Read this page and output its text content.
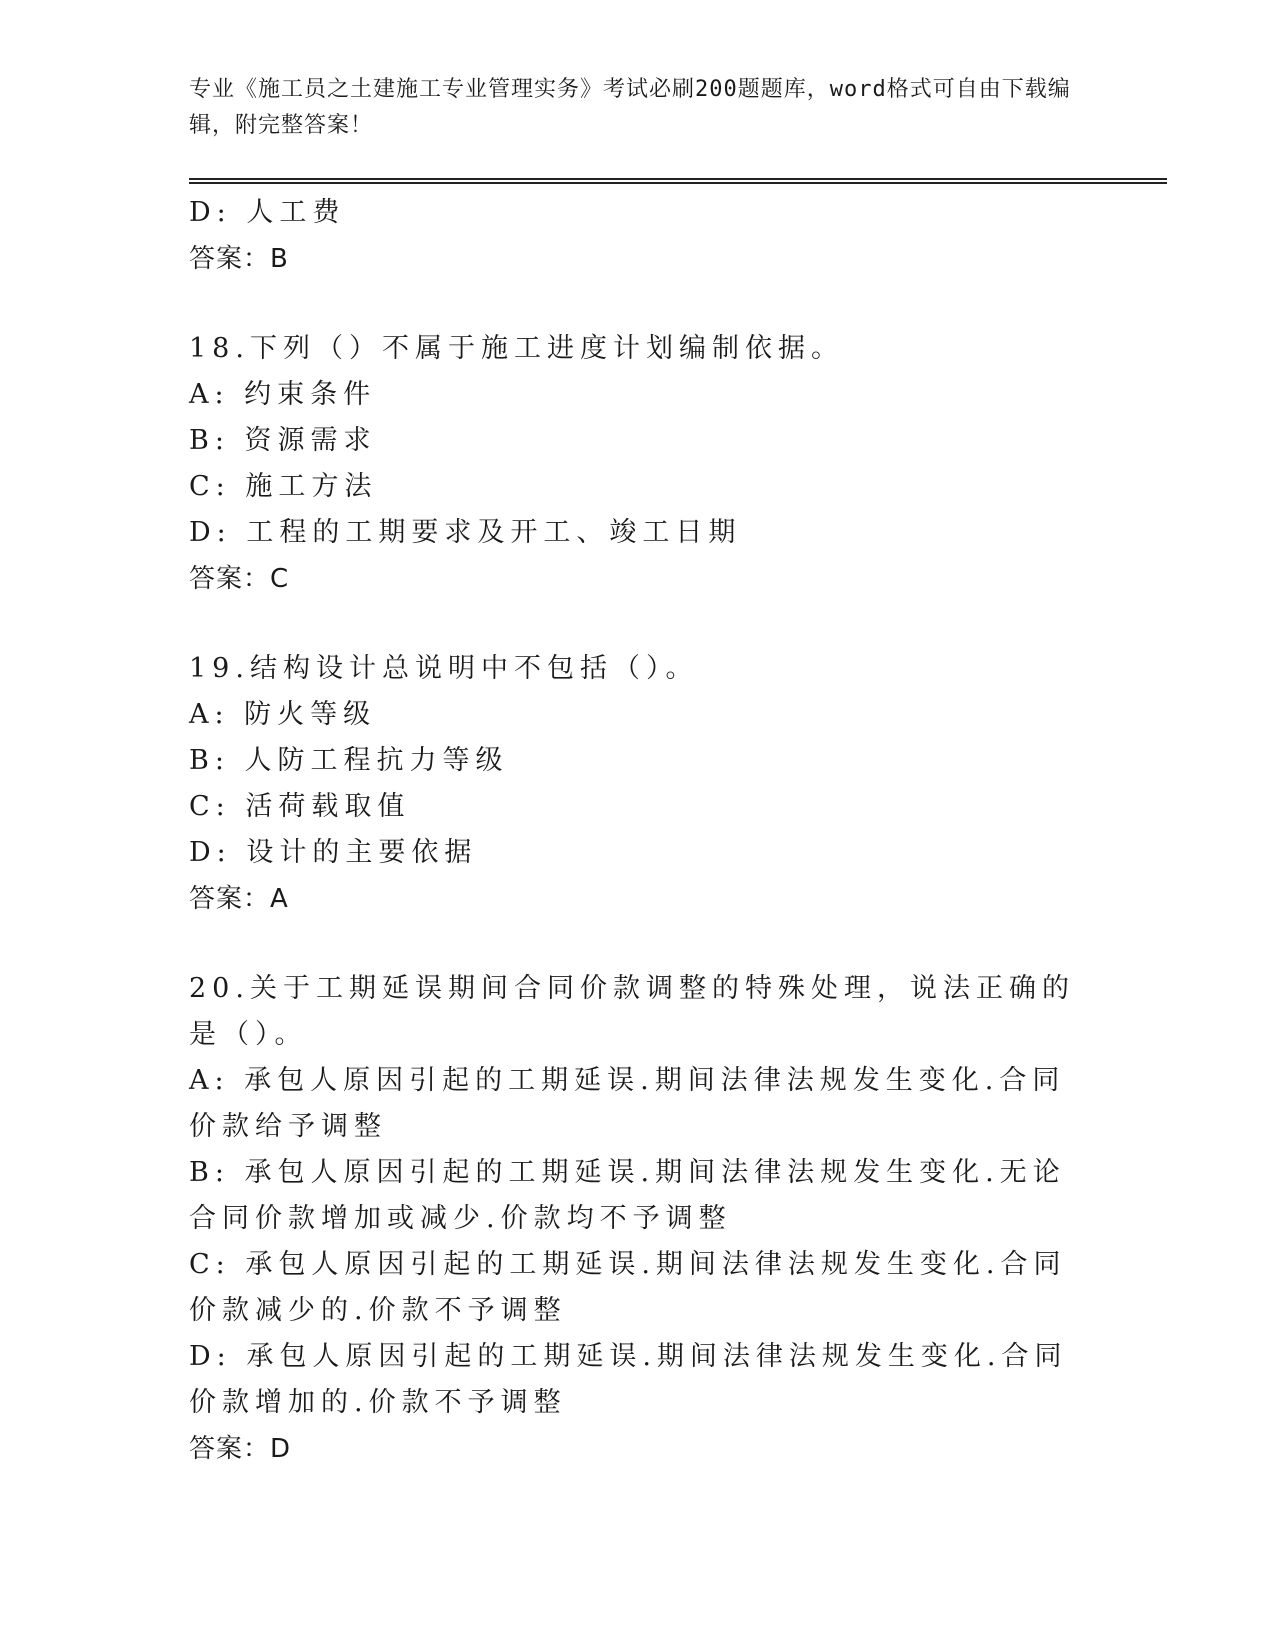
专业《施工员之土建施工专业管理实务》考试必刷200题题库，word格式可自由下载编辑，附完整答案！
D: 人工费
答案：B
18.下列（）不属于施工进度计划编制依据。
A: 约束条件
B: 资源需求
C: 施工方法
D: 工程的工期要求及开工、竣工日期
答案：C
19.结构设计总说明中不包括（）。
A: 防火等级
B: 人防工程抗力等级
C: 活荷载取值
D: 设计的主要依据
答案：A
20.关于工期延误期间合同价款调整的特殊处理，说法正确的是（）。
A: 承包人原因引起的工期延误.期间法律法规发生变化.合同价款给予调整
B: 承包人原因引起的工期延误.期间法律法规发生变化.无论合同价款增加或减少.价款均不予调整
C: 承包人原因引起的工期延误.期间法律法规发生变化.合同价款减少的.价款不予调整
D: 承包人原因引起的工期延误.期间法律法规发生变化.合同价款增加的.价款不予调整
答案：D
